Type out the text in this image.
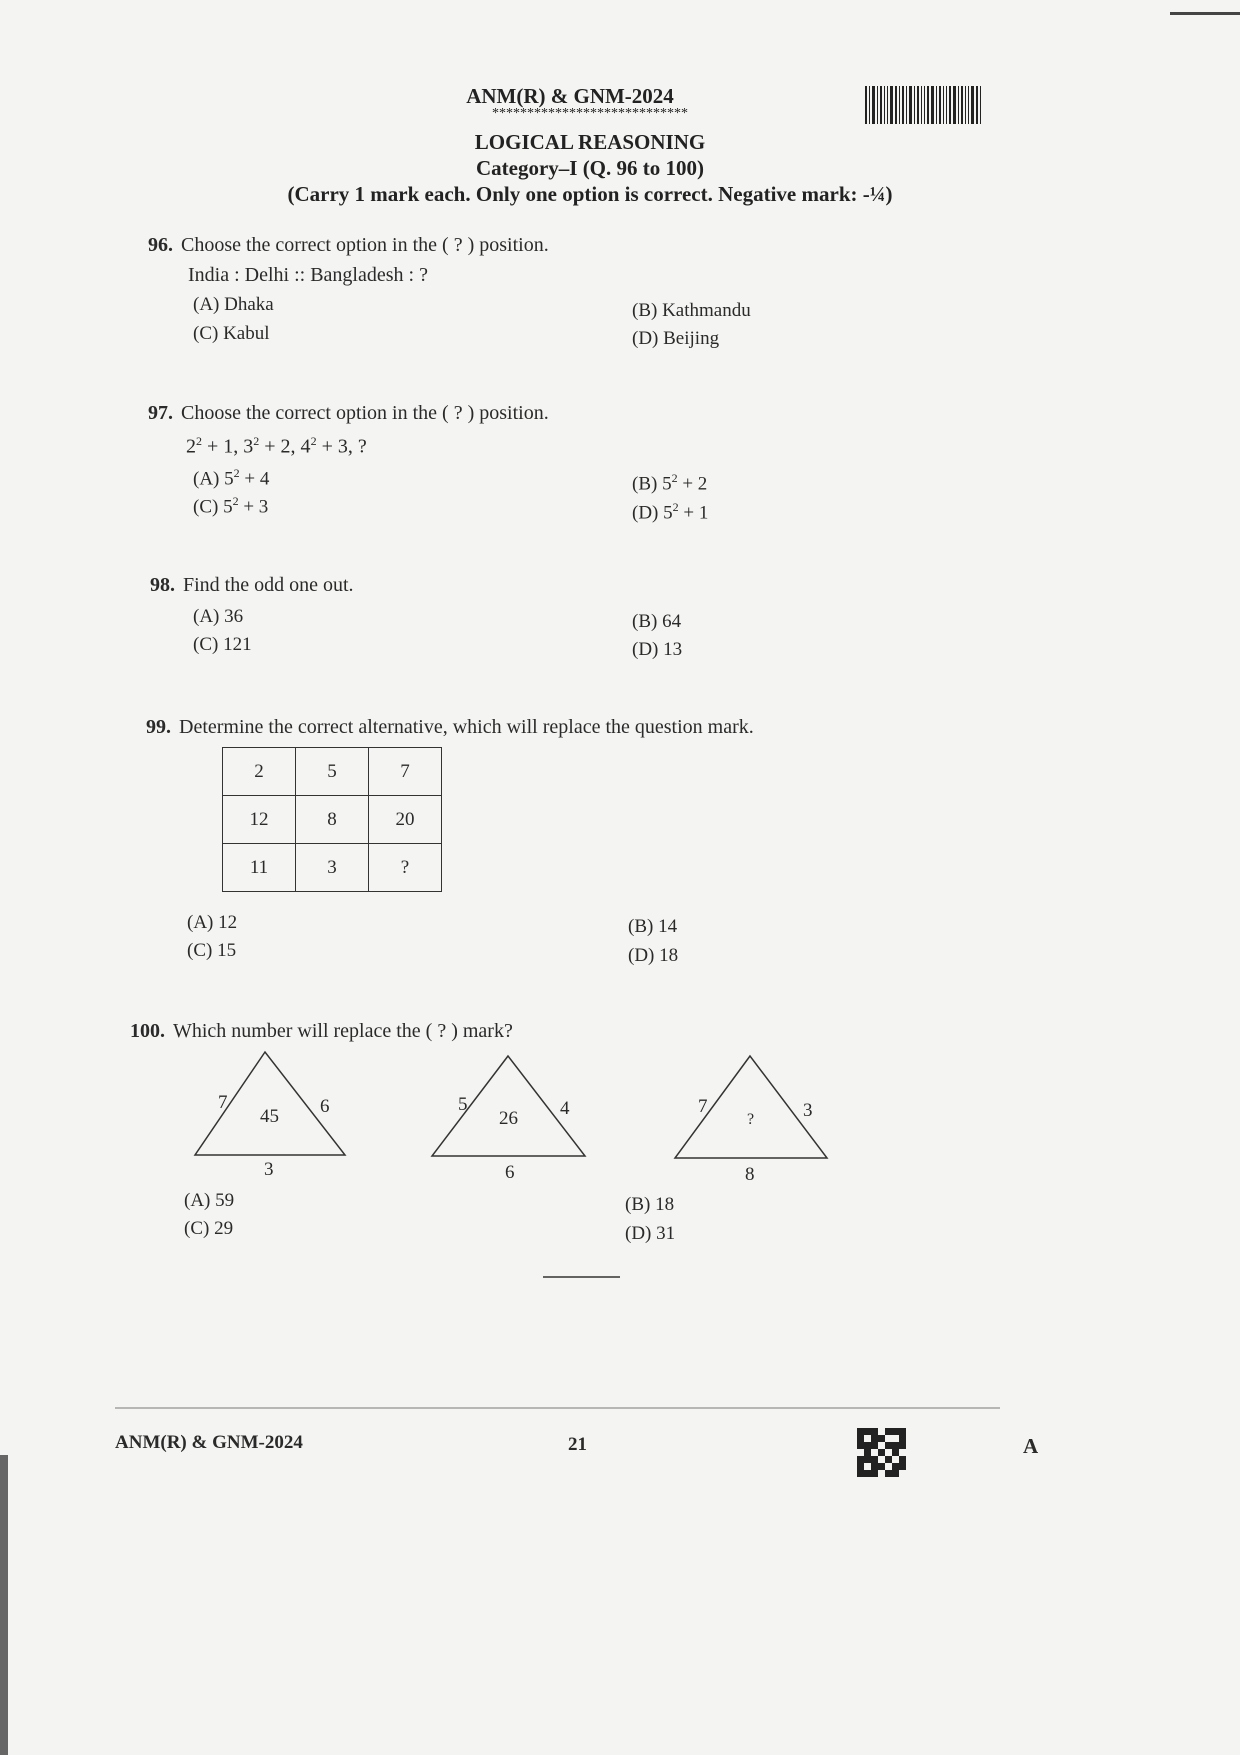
ANM(R) & GNM-2024
****************************
LOGICAL REASONING
Category–I (Q. 96 to 100)
(Carry 1 mark each. Only one option is correct. Negative mark: -¼)
96. Choose the correct option in the ( ? ) position.
India : Delhi :: Bangladesh : ?
(A) Dhaka	(B) Kathmandu
(C) Kabul	(D) Beijing
97. Choose the correct option in the ( ? ) position.
$2^2 + 1$, $3^2 + 2$, $4^2 + 3$, ?
(A) $5^2 + 4$	(B) $5^2 + 2$
(C) $5^2 + 3$	(D) $5^2 + 1$
98. Find the odd one out.
(A) 36	(B) 64
(C) 121	(D) 13
99. Determine the correct alternative, which will replace the question mark.
2	5	7
12	8	20
11	3	?
(A) 12	(B) 14
(C) 15	(D) 18
100. Which number will replace the ( ? ) mark?
7	6
45
3
5	4
26
6
7	3
?
8
(A) 59	(B) 18
(C) 29	(D) 31
ANM(R) & GNM-2024	21	A
